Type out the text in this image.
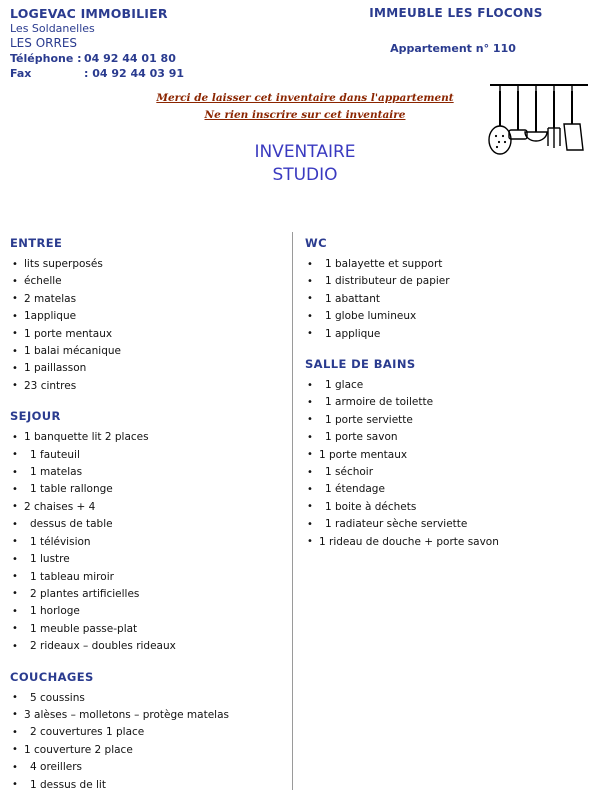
LOGEVAC IMMOBILIER
Les Soldanelles
LES ORRES
Téléphone : 04 92 44 01 80
Fax	: 04 92 44 03 91
IMMEUBLE LES FLOCONS
Appartement n° 110
Merci de laisser cet inventaire dans l'appartement
Ne rien inscrire sur cet inventaire
INVENTAIRE
STUDIO
ENTREE
• lits superposés
• échelle
• 2 matelas
• 1applique
• 1 porte mentaux
• 1 balai mécanique
• 1 paillasson
• 23 cintres
SEJOUR
• 1 banquette lit 2 places
• 1 fauteuil
• 1 matelas
• 1 table rallonge
• 2 chaises + 4
• dessus de table
• 1 télévision
• 1 lustre
• 1 tableau miroir
• 2 plantes artificielles
• 1 horloge
• 1 meuble passe-plat
• 2 rideaux – doubles rideaux
COUCHAGES
• 5 coussins
• 3 alèses – molletons – protège matelas
• 2 couvertures 1 place
• 1 couverture 2 place
• 4 oreillers
• 1 dessus de lit
WC
• 1 balayette et support
• 1 distributeur de papier
• 1 abattant
• 1 globe lumineux
• 1 applique
SALLE DE BAINS
• 1 glace
• 1 armoire de toilette
• 1 porte serviette
• 1 porte savon
• 1 porte mentaux
• 1 séchoir
• 1 étendage
• 1 boite à déchets
• 1 radiateur sèche serviette
• 1 rideau de douche + porte savon
